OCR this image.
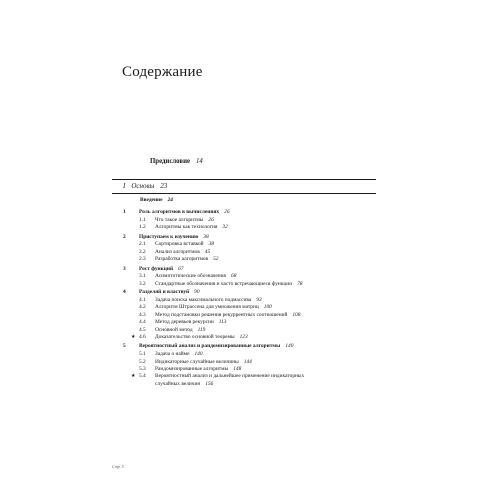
Содержание
Предисловие 14
I Основы 23
Введение 24
1 Роль алгоритмов в вычислениях 26
1.1 Что такое алгоритмы 26
1.2 Алгоритмы как технология 32
2 Приступаем к изучению 38
2.1 Сортировка вставкой 38
2.2 Анализ алгоритмов 45
2.3 Разработка алгоритмов 52
3 Рост функций 67
3.1 Асимптотические обозначения 68
3.2 Стандартные обозначения и часто встречающиеся функции 78
4 Разделяй и властвуй 90
4.1 Задача поиска максимального подмассива 93
4.2 Алгоритм Штрассена для умножения матриц 100
4.3 Метод подстановки решения рекуррентных соотношений 108
4.4 Метод деревьев рекурсии 113
4.5 Основной метод 119
★ 4.6 Доказательство основной теоремы 123
5 Вероятностный анализ и рандомизированные алгоритмы 140
5.1 Задача о найме 140
5.2 Индикаторные случайные величины 144
5.3 Рандомизированные алгоритмы 148
★ 5.4 Вероятностный анализ и дальнейшее применение индикаторных
случайных величин 156
Стр. 5
